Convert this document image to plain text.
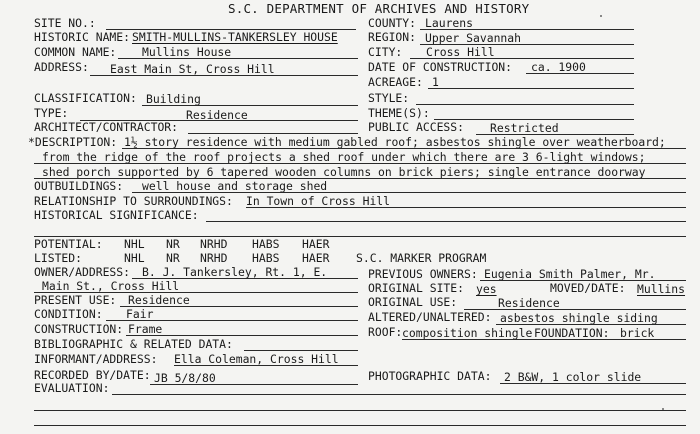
S.C. DEPARTMENT OF ARCHIVES AND HISTORY
SITE NO.:
HISTORIC NAME: SMITH-MULLINS-TANKERSLEY HOUSE
COMMON NAME: Mullins House
ADDRESS: East Main St, Cross Hill
CLASSIFICATION: Building
TYPE:	Residence
ARCHITECT/CONTRACTOR:
COUNTY: Laurens
REGION: Upper Savannah
CITY: Cross Hill
DATE OF CONSTRUCTION: ca. 1900
ACREAGE: 1
STYLE:
THEME(S):
PUBLIC ACCESS: Restricted
*DESCRIPTION: 1½ story residence with medium gabled roof; asbestos shingle over weatherboard;
from the ridge of the roof projects a shed roof under which there are 3 6-light windows;
shed porch supported by 6 tapered wooden columns on brick piers; single entrance doorway
OUTBUILDINGS: well house and storage shed
RELATIONSHIP TO SURROUNDINGS: In Town of Cross Hill
HISTORICAL SIGNIFICANCE:
POTENTIAL: NHL NR NRHD HABS HAER
LISTED:	NHL NR NRHD HABS HAER S.C. MARKER PROGRAM
OWNER/ADDRESS: B. J. Tankersley, Rt. 1, E.
Main St., Cross Hill
PRESENT USE: Residence
CONDITION: Fair
CONSTRUCTION: Frame
BIBLIOGRAPHIC & RELATED DATA:
INFORMANT/ADDRESS: Ella Coleman, Cross Hill
RECORDED BY/DATE: JB 5/8/80
EVALUATION:
PREVIOUS OWNERS: Eugenia Smith Palmer, Mr.
ORIGINAL SITE: yes	MOVED/DATE: Mullins
ORIGINAL USE:	Residence
ALTERED/UNALTERED: asbestos shingle siding
ROOF: composition shingle FOUNDATION: brick
PHOTOGRAPHIC DATA: 2 B&W, 1 color slide
